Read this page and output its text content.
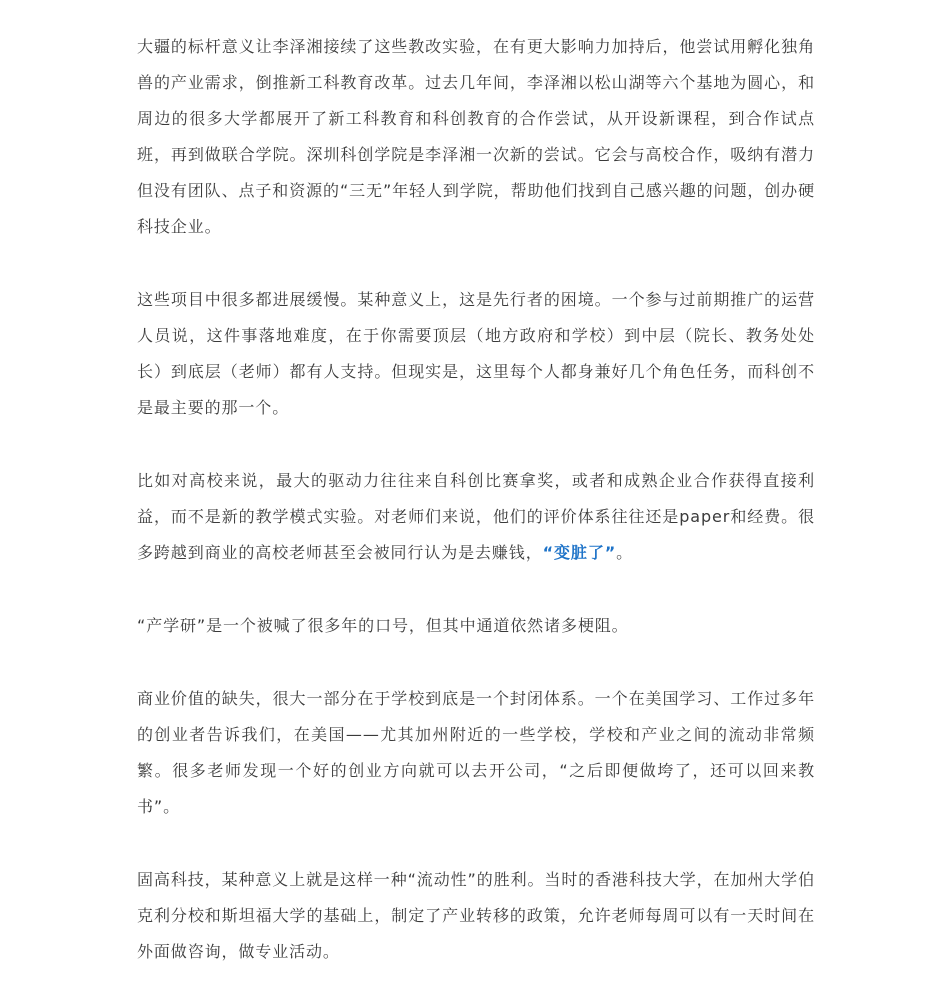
大疆的标杆意义让李泽湘接续了这些教改实验，在有更大影响力加持后，他尝试用孵化独角兽的产业需求，倒推新工科教育改革。过去几年间，李泽湘以松山湖等六个基地为圆心，和周边的很多大学都展开了新工科教育和科创教育的合作尝试，从开设新课程，到合作试点班，再到做联合学院。深圳科创学院是李泽湘一次新的尝试。它会与高校合作，吸纳有潜力但没有团队、点子和资源的“三无”年轻人到学院，帮助他们找到自己感兴趣的问题，创办硬科技企业。

这些项目中很多都进展缓慢。某种意义上，这是先行者的困境。一个参与过前期推广的运营人员说，这件事落地难度，在于你需要顶层（地方政府和学校）到中层（院长、教务处处长）到底层（老师）都有人支持。但现实是，这里每个人都身兼好几个角色任务，而科创不是最主要的那一个。

比如对高校来说，最大的驱动力往往来自科创比赛拿奖，或者和成熟企业合作获得直接利益，而不是新的教学模式实验。对老师们来说，他们的评价体系往往还是paper和经费。很多跨越到商业的高校老师甚至会被同行认为是去赚钱，“变脏了”。

“产学研”是一个被喊了很多年的口号，但其中通道依然诸多梗阻。

商业价值的缺失，很大一部分在于学校到底是一个封闭体系。一个在美国学习、工作过多年的创业者告诉我们，在美国——尤其加州附近的一些学校，学校和产业之间的流动非常频繁。很多老师发现一个好的创业方向就可以去开公司，“之后即便做垮了，还可以回来教书”。

固高科技，某种意义上就是这样一种“流动性”的胜利。当时的香港科技大学，在加州大学伯克利分校和斯坦福大学的基础上，制定了产业转移的政策，允许老师每周可以有一天时间在外面做咨询，做专业活动。
